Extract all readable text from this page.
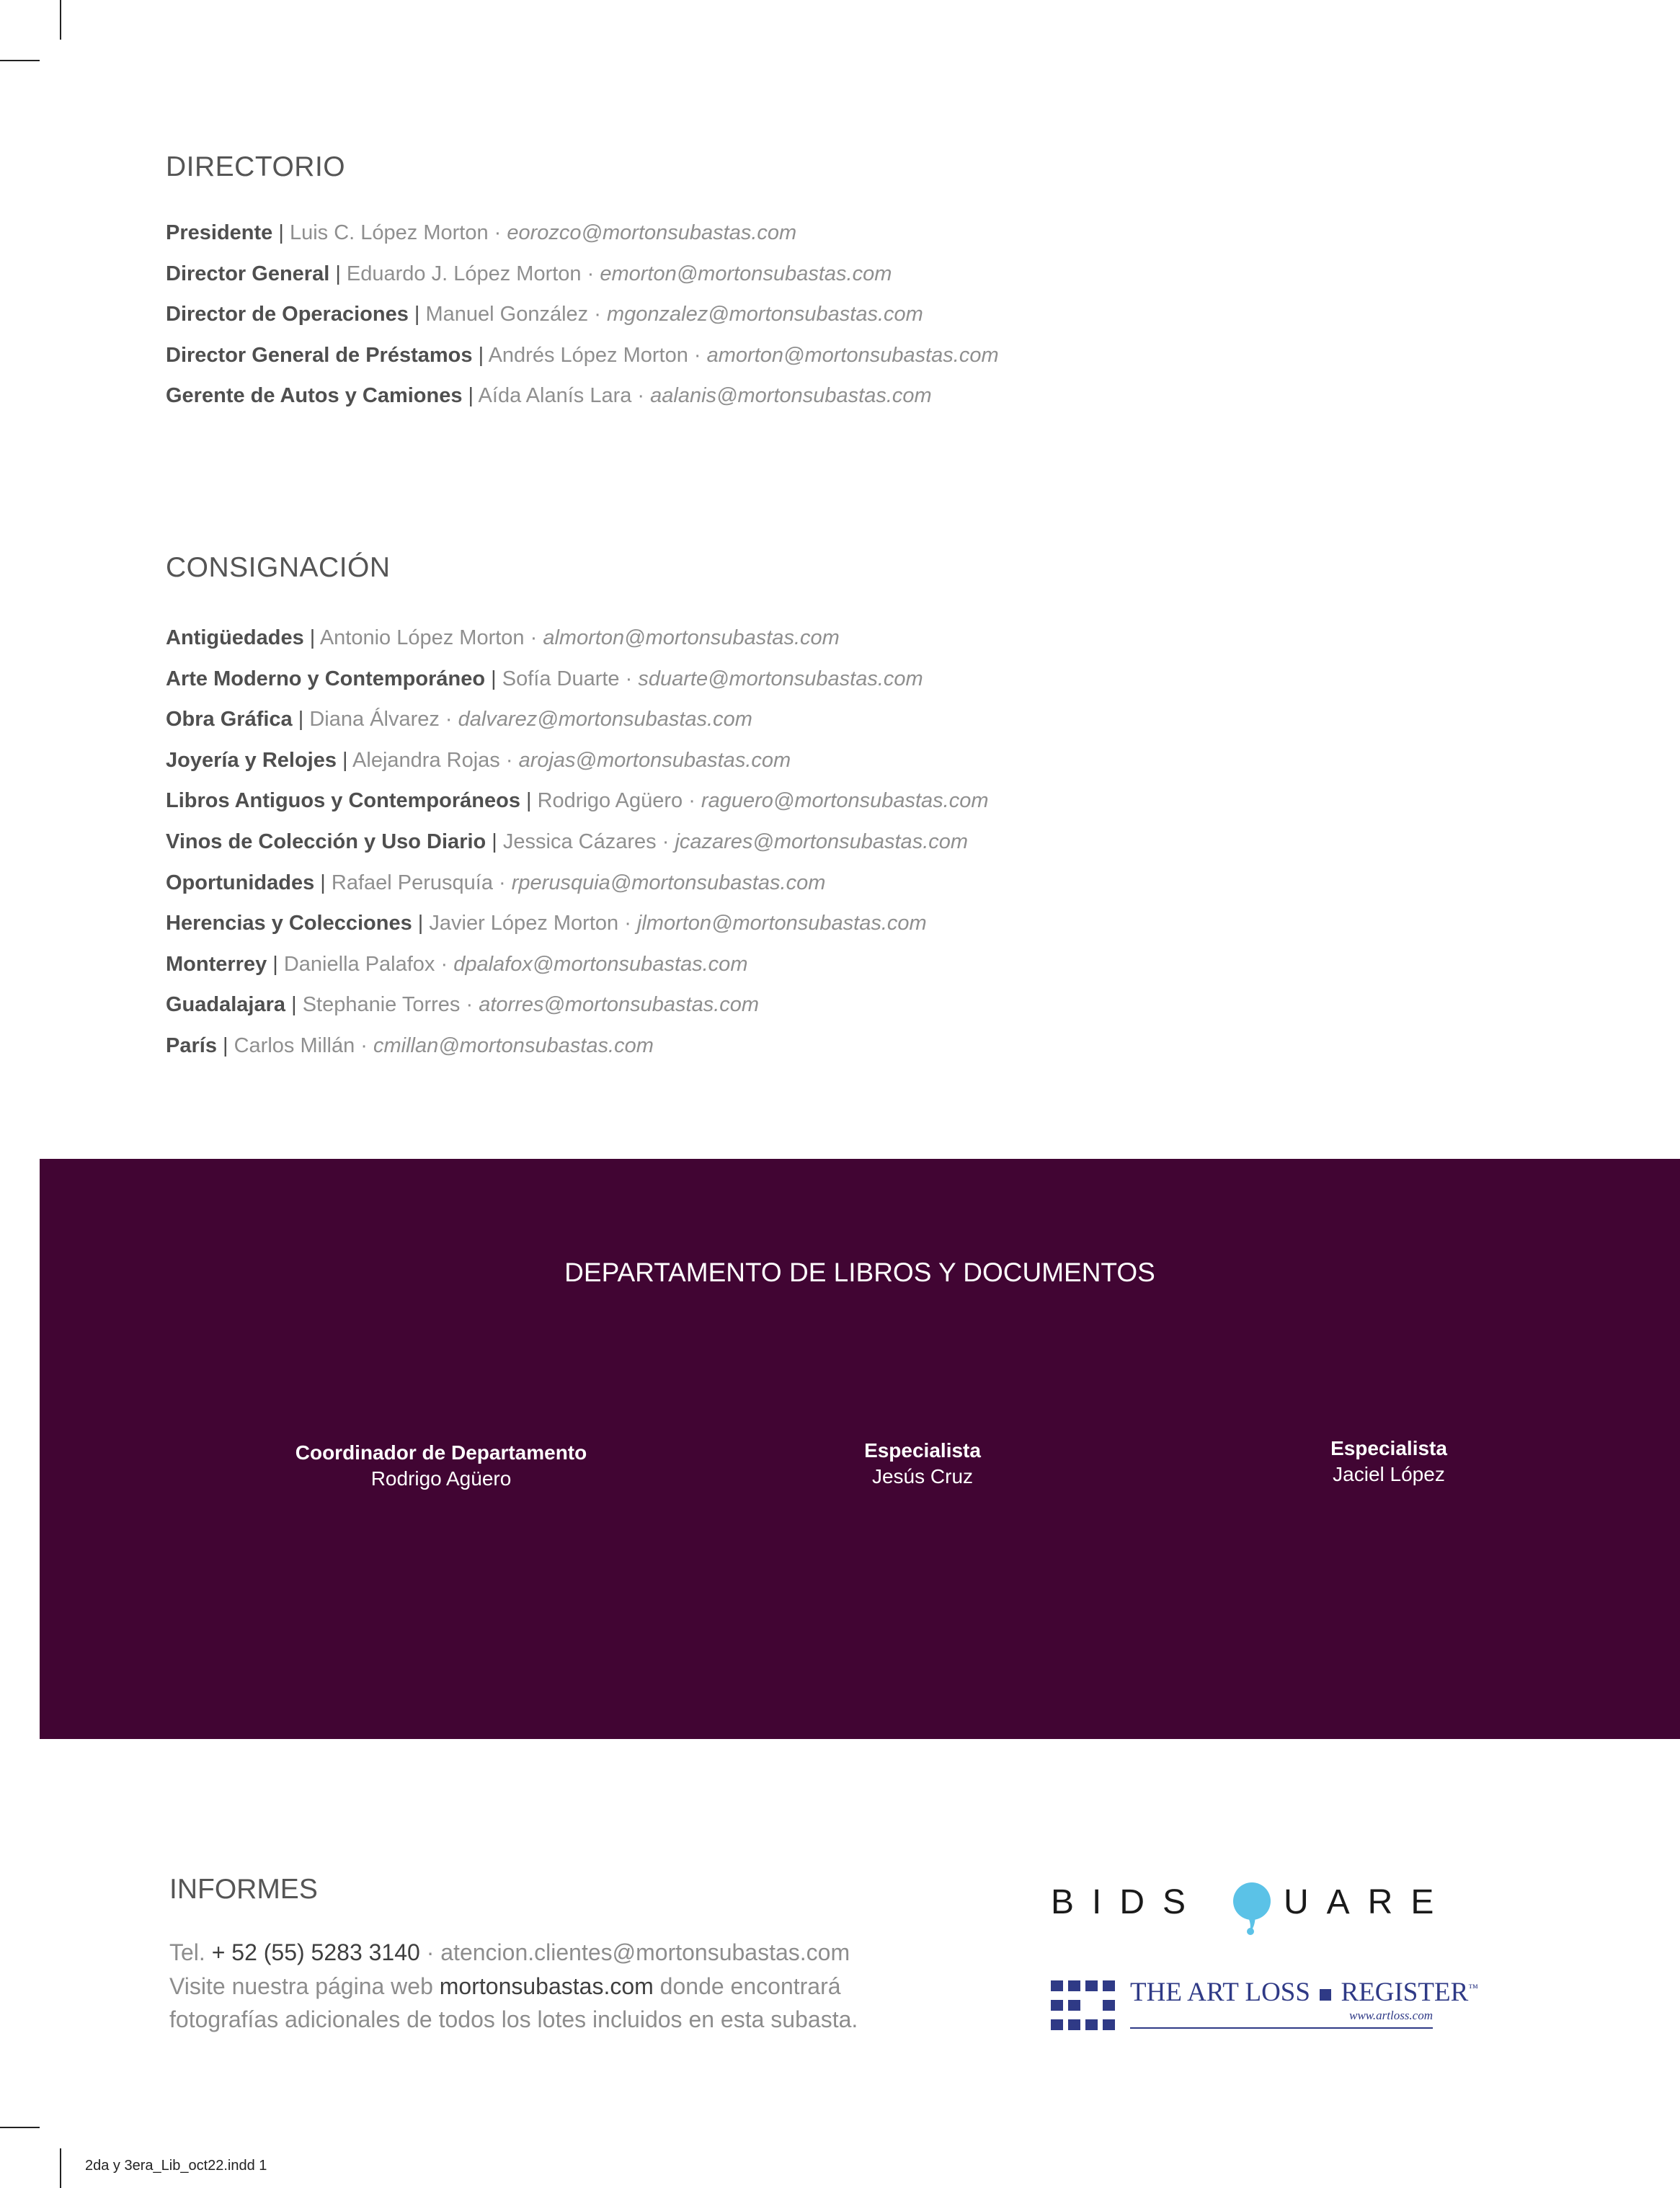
DIRECTORIO
Presidente | Luis C. López Morton · eorozco@mortonsubastas.com
Director General | Eduardo J. López Morton · emorton@mortonsubastas.com
Director de Operaciones | Manuel González · mgonzalez@mortonsubastas.com
Director General de Préstamos | Andrés López Morton · amorton@mortonsubastas.com
Gerente de Autos y Camiones | Aída Alanís Lara · aalanis@mortonsubastas.com
CONSIGNACIÓN
Antigüedades | Antonio López Morton · almorton@mortonsubastas.com
Arte Moderno y Contemporáneo | Sofía Duarte · sduarte@mortonsubastas.com
Obra Gráfica | Diana Álvarez · dalvarez@mortonsubastas.com
Joyería y Relojes | Alejandra Rojas · arojas@mortonsubastas.com
Libros Antiguos y Contemporáneos | Rodrigo Agüero · raguero@mortonsubastas.com
Vinos de Colección y Uso Diario | Jessica Cázares · jcazares@mortonsubastas.com
Oportunidades | Rafael Perusquía · rperusquia@mortonsubastas.com
Herencias y Colecciones | Javier López Morton · jlmorton@mortonsubastas.com
Monterrey | Daniella Palafox · dpalafox@mortonsubastas.com
Guadalajara | Stephanie Torres · atorres@mortonsubastas.com
París | Carlos Millán · cmillan@mortonsubastas.com
DEPARTAMENTO DE LIBROS Y DOCUMENTOS
Coordinador de Departamento
Rodrigo Agüero
Especialista
Jesús Cruz
Especialista
Jaciel López
INFORMES
Tel. + 52 (55) 5283 3140 · atencion.clientes@mortonsubastas.com
Visite nuestra página web mortonsubastas.com donde encontrará
fotografías adicionales de todos los lotes incluidos en esta subasta.
BIDS UARE
THE ART LOSS REGISTER™
www.artloss.com
2da y 3era_Lib_oct22.indd 1
